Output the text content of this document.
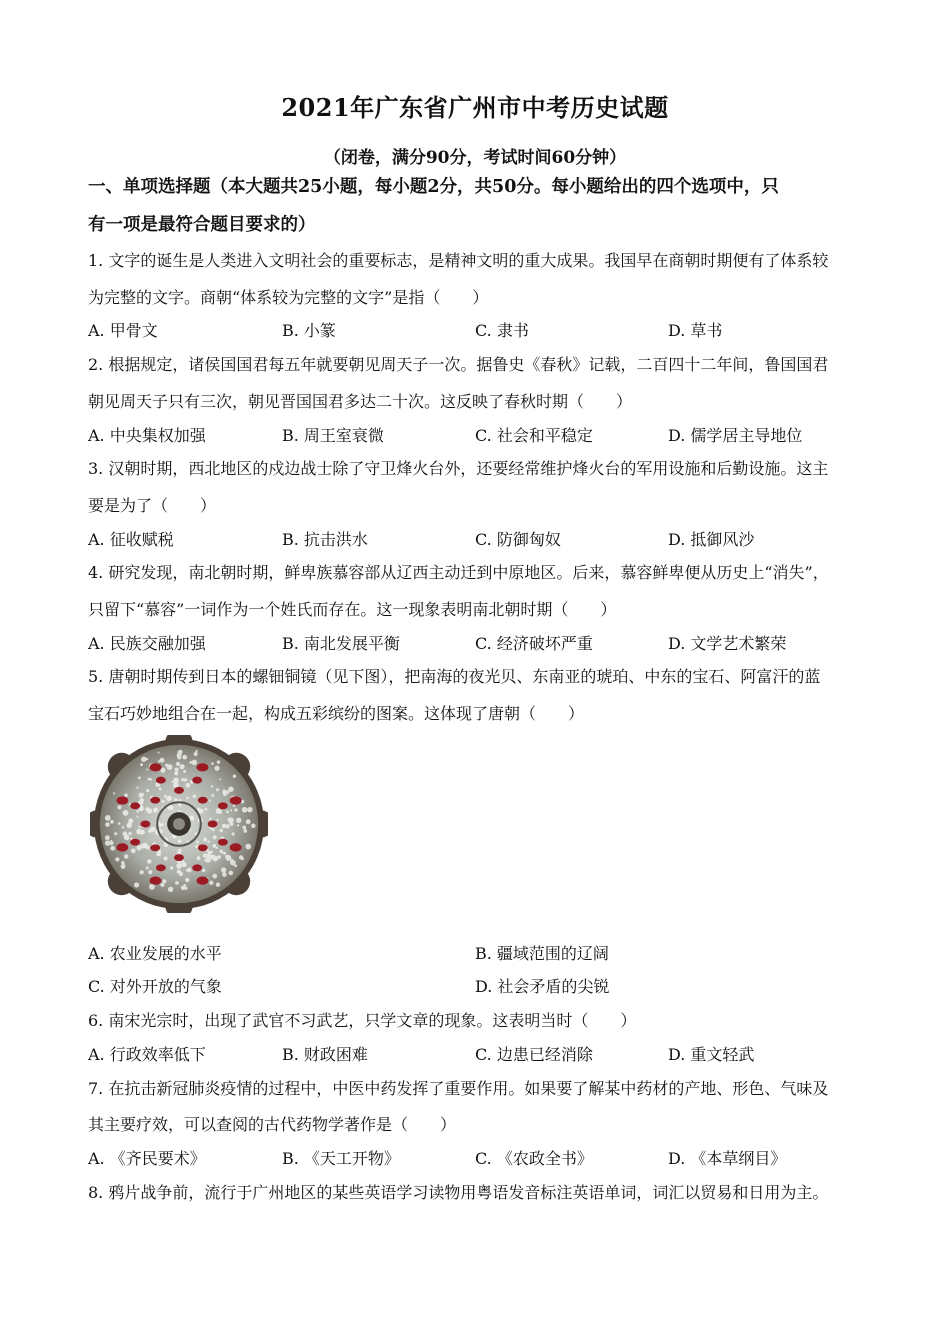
2021年广东省广州市中考历史试题
（闭卷，满分90分，考试时间60分钟）
一、单项选择题（本大题共25小题，每小题2分，共50分。每小题给出的四个选项中，只
有一项是最符合题目要求的）
1. 文字的诞生是人类进入文明社会的重要标志，是精神文明的重大成果。我国早在商朝时期便有了体系较
为完整的文字。商朝“体系较为完整的文字”是指（　　）
A. 甲骨文	B. 小篆	C. 隶书	D. 草书
2. 根据规定，诸侯国国君每五年就要朝见周天子一次。据鲁史《春秋》记载，二百四十二年间，鲁国国君
朝见周天子只有三次，朝见晋国国君多达二十次。这反映了春秋时期（　　）
A. 中央集权加强	B. 周王室衰微	C. 社会和平稳定	D. 儒学居主导地位
3. 汉朝时期，西北地区的戍边战士除了守卫烽火台外，还要经常维护烽火台的军用设施和后勤设施。这主
要是为了（　　）
A. 征收赋税	B. 抗击洪水	C. 防御匈奴	D. 抵御风沙
4. 研究发现，南北朝时期，鲜卑族慕容部从辽西主动迁到中原地区。后来，慕容鲜卑便从历史上“消失”，
只留下“慕容”一词作为一个姓氏而存在。这一现象表明南北朝时期（　　）
A. 民族交融加强	B. 南北发展平衡	C. 经济破坏严重	D. 文学艺术繁荣
5. 唐朝时期传到日本的螺钿铜镜（见下图），把南海的夜光贝、东南亚的琥珀、中东的宝石、阿富汗的蓝
宝石巧妙地组合在一起，构成五彩缤纷的图案。这体现了唐朝（　　）
A. 农业发展的水平	B. 疆域范围的辽阔
C. 对外开放的气象	D. 社会矛盾的尖锐
6. 南宋光宗时，出现了武官不习武艺，只学文章的现象。这表明当时（　　）
A. 行政效率低下	B. 财政困难	C. 边患已经消除	D. 重文轻武
7. 在抗击新冠肺炎疫情的过程中，中医中药发挥了重要作用。如果要了解某中药材的产地、形色、气味及
其主要疗效，可以查阅的古代药物学著作是（　　）
A. 《齐民要术》	B. 《天工开物》	C. 《农政全书》	D. 《本草纲目》
8. 鸦片战争前，流行于广州地区的某些英语学习读物用粤语发音标注英语单词，词汇以贸易和日用为主。
